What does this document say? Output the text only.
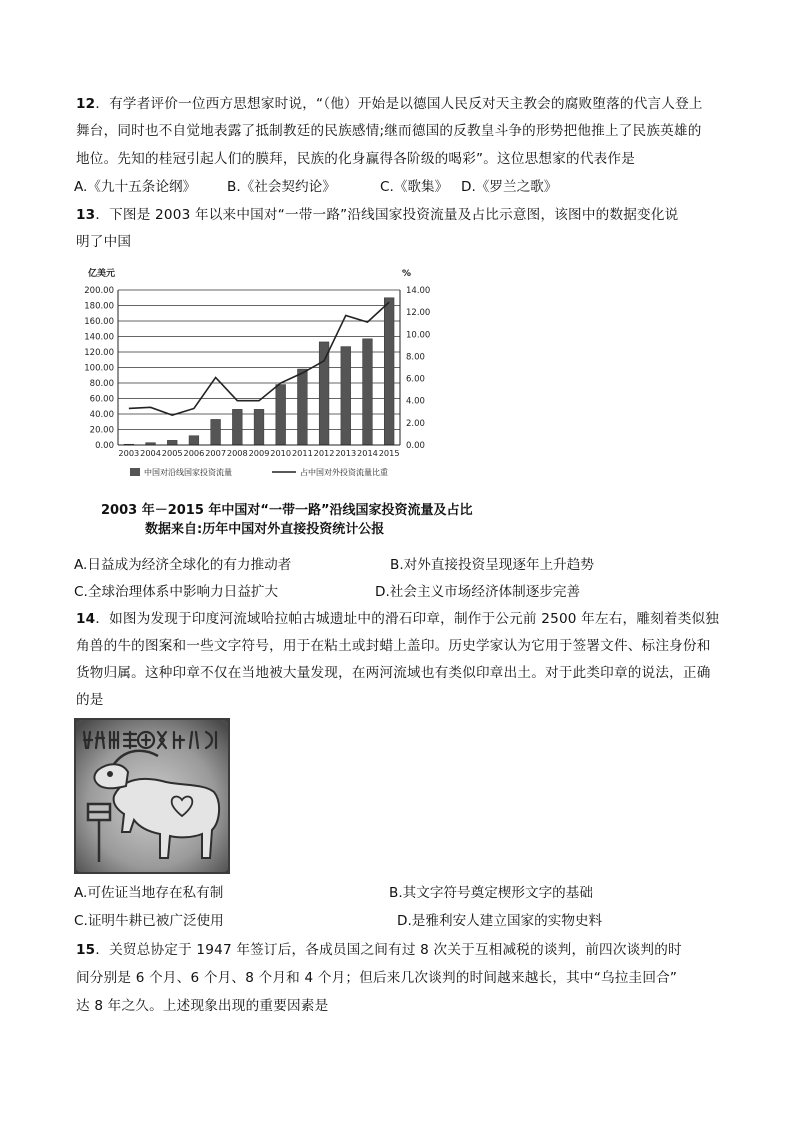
12．有学者评价一位西方思想家时说，“（他）开始是以德国人民反对天主教会的腐败堕落的代言人登上
舞台，同时也不自觉地表露了抵制教廷的民族感情;继而德国的反教皇斗争的形势把他推上了民族英雄的
地位。先知的桂冠引起人们的膜拜，民族的化身赢得各阶级的喝彩”。这位思想家的代表作是
A.《九十五条论纲》 B.《社会契约论》	C.《歌集》 D.《罗兰之歌》
13．下图是 2003 年以来中国对“一带一路”沿线国家投资流量及占比示意图，该图中的数据变化说
明了中国
0.00
20.00
40.00
60.00
80.00
100.00
120.00
140.00
160.00
180.00
200.00
0.00
2.00
4.00
6.00
8.00
10.00
12.00
14.00
亿美元	%
2003 2004 2005 2006 2007 2008 2009 2010 2011 2012 2013 2014 2015
中国对沿线国家投资流量	占中国对外投资流量比重
2003 年－2015 年中国对“一带一路”沿线国家投资流量及占比
数据来自:历年中国对外直接投资统计公报
A.日益成为经济全球化的有力推动者	B.对外直接投资呈现逐年上升趋势
C.全球治理体系中影响力日益扩大	D.社会主义市场经济体制逐步完善
14．如图为发现于印度河流域哈拉帕古城遗址中的滑石印章，制作于公元前 2500 年左右，雕刻着类似独
角兽的牛的图案和一些文字符号，用于在粘土或封蜡上盖印。历史学家认为它用于签署文件、标注身份和
货物归属。这种印章不仅在当地被大量发现，在两河流域也有类似印章出土。对于此类印章的说法，正确
的是
A.可佐证当地存在私有制	B.其文字符号奠定楔形文字的基础
C.证明牛耕已被广泛使用	D.是雅利安人建立国家的实物史料
15．关贸总协定于 1947 年签订后，各成员国之间有过 8 次关于互相减税的谈判，前四次谈判的时
间分别是 6 个月、6 个月、8 个月和 4 个月；但后来几次谈判的时间越来越长，其中“乌拉圭回合”
达 8 年之久。上述现象出现的重要因素是
